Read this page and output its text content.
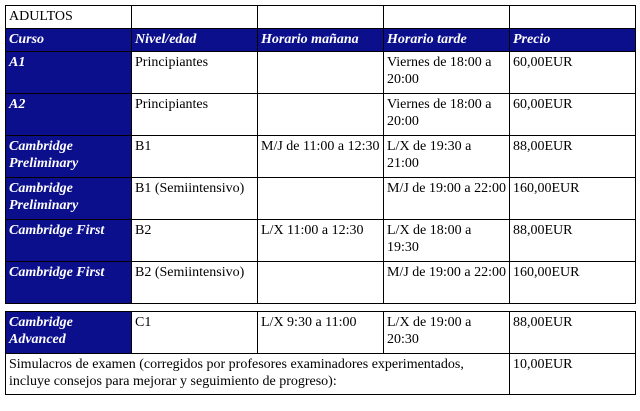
ADULTOS				
Curso	Nivel/edad	Horario mañana	Horario tarde	Precio
A1	Principiantes		Viernes de 18:00 a 20:00	60,00EUR
A2	Principiantes		Viernes de 18:00 a 20:00	60,00EUR
Cambridge Preliminary	B1	M/J de 11:00 a 12:30	L/X de 19:30 a 21:00	88,00EUR
Cambridge Preliminary	B1 (Semiintensivo)		M/J de 19:00 a 22:00	160,00EUR
Cambridge First	B2	L/X 11:00 a 12:30	L/X de 18:00 a 19:30	88,00EUR
Cambridge First	B2 (Semiintensivo)		M/J de 19:00 a 22:00	160,00EUR

Cambridge Advanced	C1	L/X 9:30 a 11:00	L/X de 19:00 a 20:30	88,00EUR
Simulacros de examen (corregidos por profesores examinadores experimentados, incluye consejos para mejorar y seguimiento de progreso):				10,00EUR
